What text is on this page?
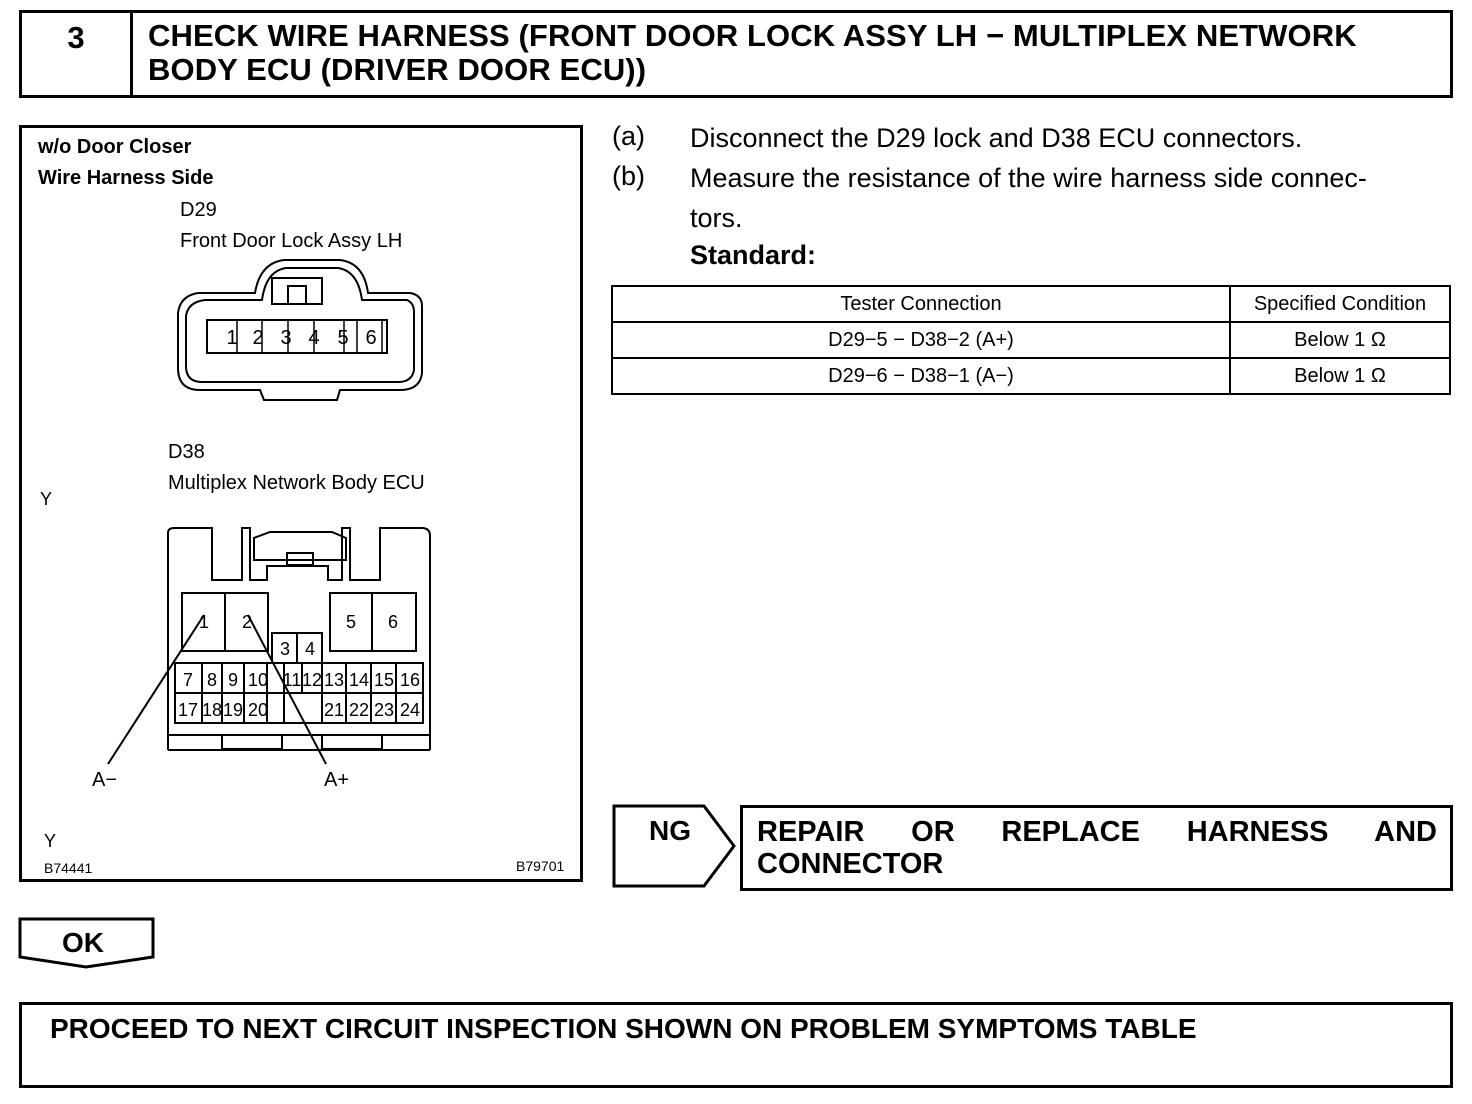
3	CHECK WIRE HARNESS (FRONT DOOR LOCK ASSY LH − MULTIPLEX NETWORK BODY ECU (DRIVER DOOR ECU))
w/o Door Closer
Wire Harness Side
D29
Front Door Lock Assy LH
1 2 3 4 5 6
D38
Multiplex Network Body ECU
Y
1 2
3 4
5 6
7 8 9 10 11 12 13 14 15 16
17 18 19 20	21 22 23 24
A−	A+
Y
B74441	B79701
(a) Disconnect the D29 lock and D38 ECU connectors.
(b) Measure the resistance of the wire harness side connec-
tors.
Standard:
Tester Connection	Specified Condition
D29−5 − D38−2 (A+)	Below 1 Ω
D29−6 − D38−1 (A−)	Below 1 Ω
NG REPAIR OR REPLACE HARNESS AND CONNECTOR
OK
PROCEED TO NEXT CIRCUIT INSPECTION SHOWN ON PROBLEM SYMPTOMS TABLE
